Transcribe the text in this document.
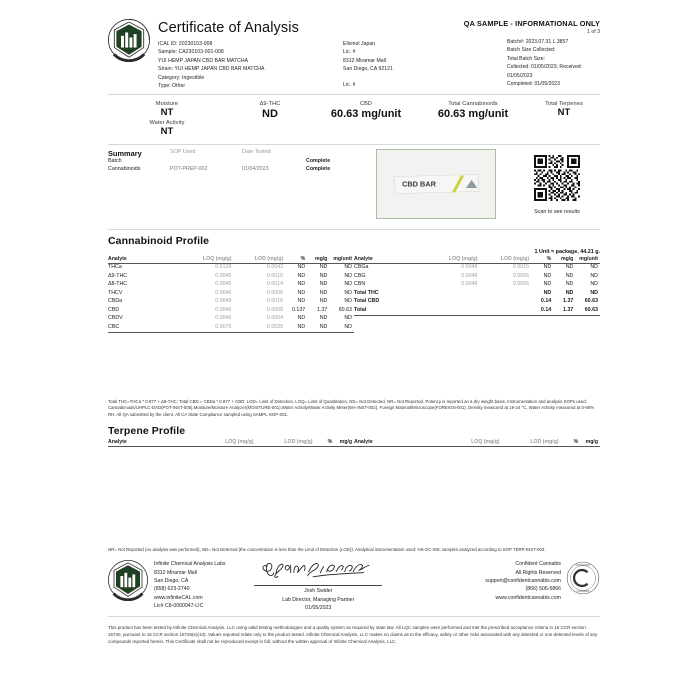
Certificate of Analysis
ICAL ID: 20230103-008
Sample: CA230103-001-008
YUI HEMP JAPAN CBD BAR MATCHA
Strain: YUI HEMP JAPAN CBD BAR MATCHA
Category: Ingestible
Type: Other
Elixinol Japan
Lic. #
8312 Miramar Mall
San Diego, CA 92121

Lic. #
QA SAMPLE - INFORMATIONAL ONLY
1 of 3
Batch#: 2023.07.31 L.3857
Batch Size Collected:
Total Batch Size:
Collected: 01/05/2023; Received: 01/05/2023
Completed: 01/05/2023
Moisture
NT
Water Activity
NT
Δ9-THC
ND
CBD
60.63 mg/unit
Total Cannabinoids
60.63 mg/unit
Total Terpenes
NT
Summary	SOP Used	Date Tested
Batch	Complete
Cannabinoids	POT-PREP-002	01/04/2023	Complete
CBD BAR
Scan to see results
Cannabinoid Profile
1 Unit = package, 44.21 g.
Analyte	LOQ (mg/g)	LOD (mg/g)	%	mg/g	mg/unit
THCa	0.0128	0.0043	ND	ND	ND
Δ9-THC	0.0046	0.0010	ND	ND	ND
Δ8-THC	0.0046	0.0014	ND	ND	ND
THCV	0.0046	0.0006	ND	ND	ND
CBDa	0.0049	0.0016	ND	ND	ND
CBD	0.0046	0.0008	0.137	1.37	60.63
CBDV	0.0046	0.0004	ND	ND	ND
CBC	0.0076	0.0025	ND	ND	ND
Analyte	LOQ (mg/g)	LOD (mg/g)	%	mg/g	mg/unit
CBGa	0.0046	0.0015	ND	ND	ND
CBG	0.0046	0.0005	ND	ND	ND
CBN	0.0046	0.0005	ND	ND	ND
Total THC			ND	ND	ND
Total CBD			0.14	1.37	60.63
Total			0.14	1.37	60.63
Total THC=THCa * 0.877 + Δ9-THC; Total CBD = CBDa * 0.877 + CBD; LOD= Limit of Detection, LOQ= Limit of Quantitation, ND= Not Detected, NR= Not Reported. Potency is reported on a dry weight basis. Instrumentation and analysis SOPs used: Cannabinoids/UHPLC-DAD(POT-INST-005),Moisture/Moisture Analyzer(MOISTURE-001),Water Activity/Water Activity Meter(WA-INST-002), Foreign Material/Microscope(FOREIGN-001). Density measured at 19-24 °C, Water Activity measured at 0-90% RH. All QA submitted by the client, All CA State Compliance sampled using SAMPL-SOP-001.
Terpene Profile
Analyte	LOQ (mg/g)	LOD (mg/g)	%	mg/g Analyte	LOQ (mg/g)	LOD (mg/g)	%	mg/g
NR= Not Reported (no analysis was performed), ND= Not Detected (the concentration is less than the Limit of Detection (LOD)). Analytical instrumentation used: HS-GC-MS; samples analyzed according to SOP TERP-INST-003.
Infinite Chemical Analysis Labs
8312 Miramar Mall
San Diego, CA
(858) 623-2740
www.infiniteCAL.com
Lic# C8-0000047-LIC
Josh Swider
Lab Director, Managing Partner
01/05/2023
Confident Cannabis
All Rights Reserved
support@confidentcannabis.com
(866) 506-5866
www.confidentcannabis.com
CONFIDENT
CANNABIS
This product has been tested by Infinite Chemical Analysis, LLC using valid testing methodologies and a quality system as required by state law. All LQC samples were performed and met the prescribed acceptance criteria in 16 CCR section 15730, pursuant to 16 CCR section 15726(e)(13). Values reported relate only to the product tested. Infinite Chemical Analysis, LLC makes no claims as to the efficacy, safety or other risks associated with any detected or non-detected levels of any compounds reported herein. This Certificate shall not be reproduced except in full, without the written approval of Infinite Chemical Analysis, LLC.
